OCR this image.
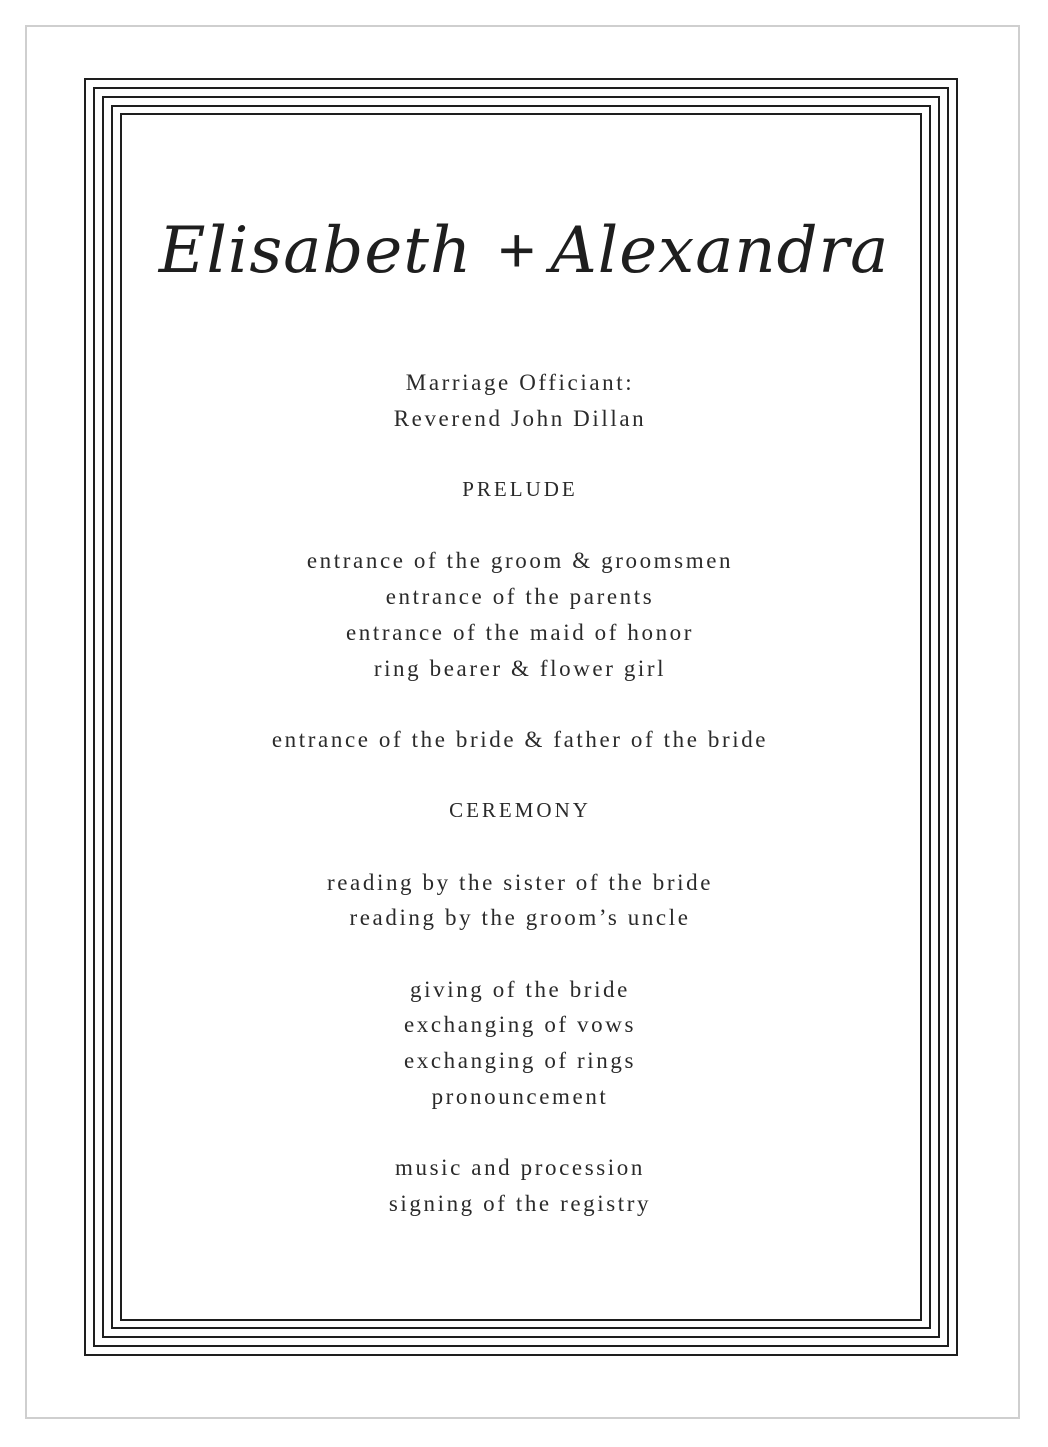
Elisabeth + Alexandra
Marriage Officiant:
Reverend John Dillan
PRELUDE
entrance of the groom & groomsmen
entrance of the parents
entrance of the maid of honor
ring bearer & flower girl
entrance of the bride & father of the bride
CEREMONY
reading by the sister of the bride
reading by the groom’s uncle
giving of the bride
exchanging of vows
exchanging of rings
pronouncement
music and procession
signing of the registry
